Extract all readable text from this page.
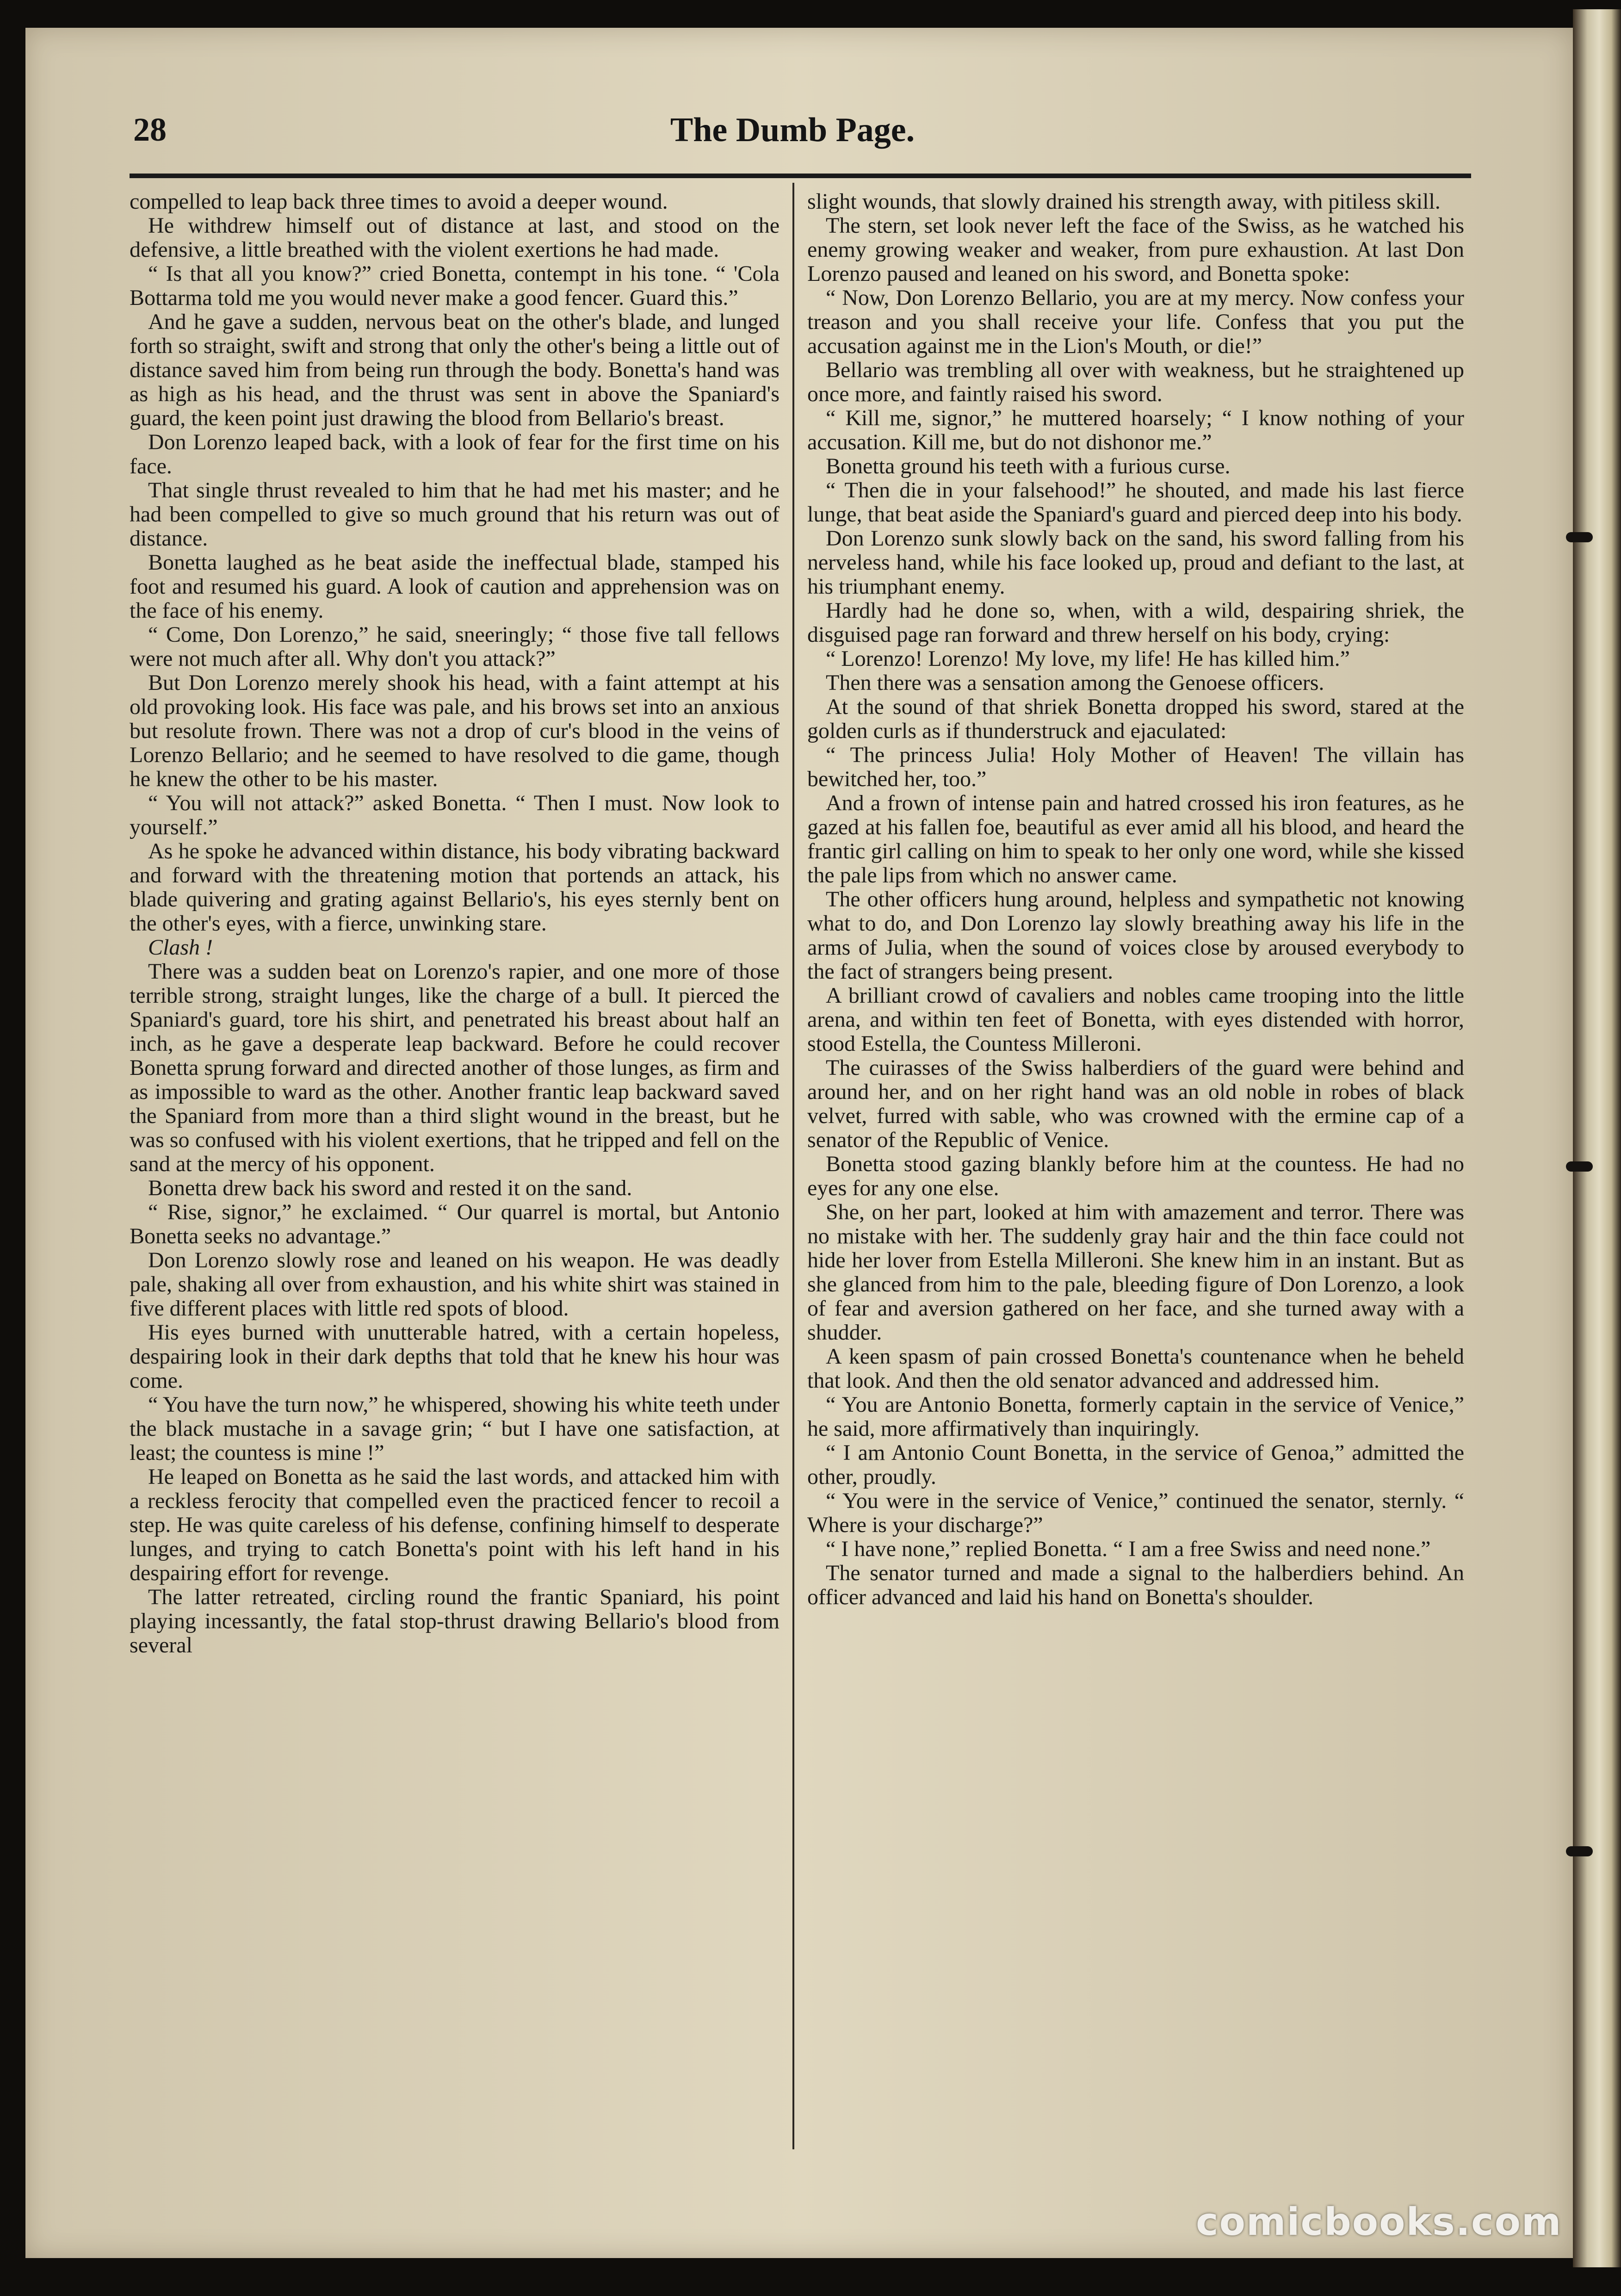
28	The Dumb Page.

compelled to leap back three times to avoid a deeper wound.

He withdrew himself out of distance at last, and stood on the defensive, a little breathed with the violent exertions he had made.

“ Is that all you know?” cried Bonetta, contempt in his tone. “ 'Cola Bottarma told me you would never make a good fencer. Guard this.”

And he gave a sudden, nervous beat on the other's blade, and lunged forth so straight, swift and strong that only the other's being a little out of distance saved him from being run through the body. Bonetta's hand was as high as his head, and the thrust was sent in above the Spaniard's guard, the keen point just drawing the blood from Bellario's breast.

Don Lorenzo leaped back, with a look of fear for the first time on his face.

That single thrust revealed to him that he had met his master; and he had been compelled to give so much ground that his return was out of distance.

Bonetta laughed as he beat aside the ineffectual blade, stamped his foot and resumed his guard. A look of caution and apprehension was on the face of his enemy.

“ Come, Don Lorenzo,” he said, sneeringly; “ those five tall fellows were not much after all. Why don't you attack?”

But Don Lorenzo merely shook his head, with a faint attempt at his old provoking look. His face was pale, and his brows set into an anxious but resolute frown. There was not a drop of cur's blood in the veins of Lorenzo Bellario; and he seemed to have resolved to die game, though he knew the other to be his master.

“ You will not attack?” asked Bonetta. “ Then I must. Now look to yourself.”

As he spoke he advanced within distance, his body vibrating backward and forward with the threatening motion that portends an attack, his blade quivering and grating against Bellario's, his eyes sternly bent on the other's eyes, with a fierce, unwinking stare.

Clash !

There was a sudden beat on Lorenzo's rapier, and one more of those terrible strong, straight lunges, like the charge of a bull. It pierced the Spaniard's guard, tore his shirt, and penetrated his breast about half an inch, as he gave a desperate leap backward. Before he could recover Bonetta sprung forward and directed another of those lunges, as firm and as impossible to ward as the other. Another frantic leap backward saved the Spaniard from more than a third slight wound in the breast, but he was so confused with his violent exertions, that he tripped and fell on the sand at the mercy of his opponent.

Bonetta drew back his sword and rested it on the sand.

“ Rise, signor,” he exclaimed. “ Our quarrel is mortal, but Antonio Bonetta seeks no advantage.”

Don Lorenzo slowly rose and leaned on his weapon. He was deadly pale, shaking all over from exhaustion, and his white shirt was stained in five different places with little red spots of blood.

His eyes burned with unutterable hatred, with a certain hopeless, despairing look in their dark depths that told that he knew his hour was come.

“ You have the turn now,” he whispered, showing his white teeth under the black mustache in a savage grin; “ but I have one satisfaction, at least; the countess is mine !”

He leaped on Bonetta as he said the last words, and attacked him with a reckless ferocity that compelled even the practiced fencer to recoil a step. He was quite careless of his defense, confining himself to desperate lunges, and trying to catch Bonetta's point with his left hand in his despairing effort for revenge.

The latter retreated, circling round the frantic Spaniard, his point playing incessantly, the fatal stop-thrust drawing Bellario's blood from several

slight wounds, that slowly drained his strength away, with pitiless skill.

The stern, set look never left the face of the Swiss, as he watched his enemy growing weaker and weaker, from pure exhaustion. At last Don Lorenzo paused and leaned on his sword, and Bonetta spoke:

“ Now, Don Lorenzo Bellario, you are at my mercy. Now confess your treason and you shall receive your life. Confess that you put the accusation against me in the Lion's Mouth, or die!”

Bellario was trembling all over with weakness, but he straightened up once more, and faintly raised his sword.

“ Kill me, signor,” he muttered hoarsely; “ I know nothing of your accusation. Kill me, but do not dishonor me.”

Bonetta ground his teeth with a furious curse.

“ Then die in your falsehood!” he shouted, and made his last fierce lunge, that beat aside the Spaniard's guard and pierced deep into his body.

Don Lorenzo sunk slowly back on the sand, his sword falling from his nerveless hand, while his face looked up, proud and defiant to the last, at his triumphant enemy.

Hardly had he done so, when, with a wild, despairing shriek, the disguised page ran forward and threw herself on his body, crying:

“ Lorenzo! Lorenzo! My love, my life! He has killed him.”

Then there was a sensation among the Genoese officers.

At the sound of that shriek Bonetta dropped his sword, stared at the golden curls as if thunderstruck and ejaculated:

“ The princess Julia! Holy Mother of Heaven! The villain has bewitched her, too.”

And a frown of intense pain and hatred crossed his iron features, as he gazed at his fallen foe, beautiful as ever amid all his blood, and heard the frantic girl calling on him to speak to her only one word, while she kissed the pale lips from which no answer came.

The other officers hung around, helpless and sympathetic not knowing what to do, and Don Lorenzo lay slowly breathing away his life in the arms of Julia, when the sound of voices close by aroused everybody to the fact of strangers being present.

A brilliant crowd of cavaliers and nobles came trooping into the little arena, and within ten feet of Bonetta, with eyes distended with horror, stood Estella, the Countess Milleroni.

The cuirasses of the Swiss halberdiers of the guard were behind and around her, and on her right hand was an old noble in robes of black velvet, furred with sable, who was crowned with the ermine cap of a senator of the Republic of Venice.

Bonetta stood gazing blankly before him at the countess. He had no eyes for any one else.

She, on her part, looked at him with amazement and terror. There was no mistake with her. The suddenly gray hair and the thin face could not hide her lover from Estella Milleroni. She knew him in an instant. But as she glanced from him to the pale, bleeding figure of Don Lorenzo, a look of fear and aversion gathered on her face, and she turned away with a shudder.

A keen spasm of pain crossed Bonetta's countenance when he beheld that look. And then the old senator advanced and addressed him.

“ You are Antonio Bonetta, formerly captain in the service of Venice,” he said, more affirmatively than inquiringly.

“ I am Antonio Count Bonetta, in the service of Genoa,” admitted the other, proudly.

“ You were in the service of Venice,” continued the senator, sternly. “ Where is your discharge?”

“ I have none,” replied Bonetta. “ I am a free Swiss and need none.”

The senator turned and made a signal to the halberdiers behind. An officer advanced and laid his hand on Bonetta's shoulder.

comicbooks.com
